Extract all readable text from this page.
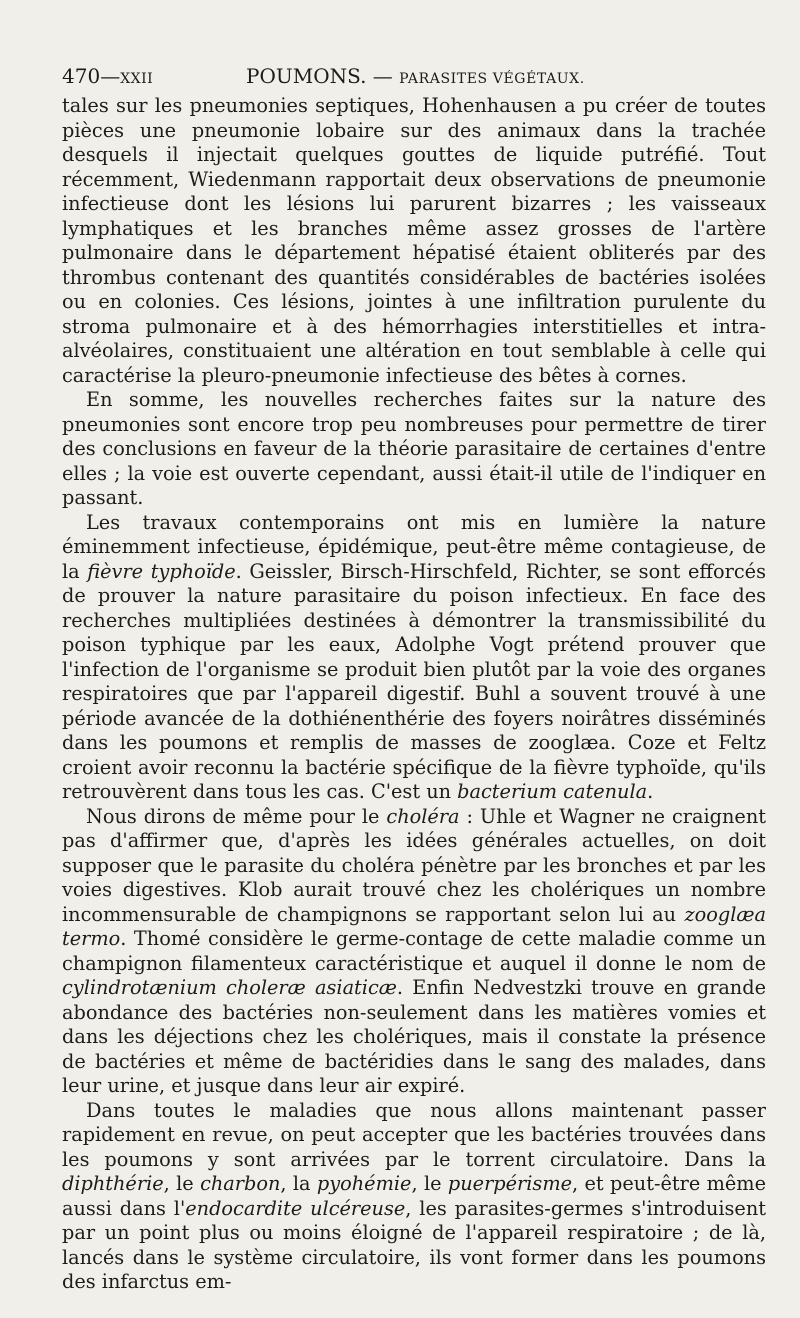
470—XXII	POUMONS. — PARASITES VÉGÉTAUX.

tales sur les pneumonies septiques, Hohenhausen a pu créer de toutes pièces une pneumonie lobaire sur des animaux dans la trachée desquels il injectait quelques gouttes de liquide putréfié. Tout récemment, Wiedenmann rapportait deux observations de pneumonie infectieuse dont les lésions lui parurent bizarres ; les vaisseaux lymphatiques et les branches même assez grosses de l'artère pulmonaire dans le département hépatisé étaient obliterés par des thrombus contenant des quantités considérables de bactéries isolées ou en colonies. Ces lésions, jointes à une infiltration purulente du stroma pulmonaire et à des hémorrhagies interstitielles et intra-alvéolaires, constituaient une altération en tout semblable à celle qui caractérise la pleuro-pneumonie infectieuse des bêtes à cornes.

En somme, les nouvelles recherches faites sur la nature des pneumonies sont encore trop peu nombreuses pour permettre de tirer des conclusions en faveur de la théorie parasitaire de certaines d'entre elles ; la voie est ouverte cependant, aussi était-il utile de l'indiquer en passant.

Les travaux contemporains ont mis en lumière la nature éminemment infectieuse, épidémique, peut-être même contagieuse, de la fièvre typhoïde. Geissler, Birsch-Hirschfeld, Richter, se sont efforcés de prouver la nature parasitaire du poison infectieux. En face des recherches multipliées destinées à démontrer la transmissibilité du poison typhique par les eaux, Adolphe Vogt prétend prouver que l'infection de l'organisme se produit bien plutôt par la voie des organes respiratoires que par l'appareil digestif. Buhl a souvent trouvé à une période avancée de la dothiénenthérie des foyers noirâtres disséminés dans les poumons et remplis de masses de zooglæa. Coze et Feltz croient avoir reconnu la bactérie spécifique de la fièvre typhoïde, qu'ils retrouvèrent dans tous les cas. C'est un bacterium catenula.

Nous dirons de même pour le choléra : Uhle et Wagner ne craignent pas d'affirmer que, d'après les idées générales actuelles, on doit supposer que le parasite du choléra pénètre par les bronches et par les voies digestives. Klob aurait trouvé chez les cholériques un nombre incommensurable de champignons se rapportant selon lui au zooglæa termo. Thomé considère le germe-contage de cette maladie comme un champignon filamenteux caractéristique et auquel il donne le nom de cylindrotænium choleræ asiaticæ. Enfin Nedvestzki trouve en grande abondance des bactéries non-seulement dans les matières vomies et dans les déjections chez les cholériques, mais il constate la présence de bactéries et même de bactéridies dans le sang des malades, dans leur urine, et jusque dans leur air expiré.

Dans toutes le maladies que nous allons maintenant passer rapidement en revue, on peut accepter que les bactéries trouvées dans les poumons y sont arrivées par le torrent circulatoire. Dans la diphthérie, le charbon, la pyohémie, le puerpérisme, et peut-être même aussi dans l'endocardite ulcéreuse, les parasites-germes s'introduisent par un point plus ou moins éloigné de l'appareil respiratoire ; de là, lancés dans le système circulatoire, ils vont former dans les poumons des infarctus em-
